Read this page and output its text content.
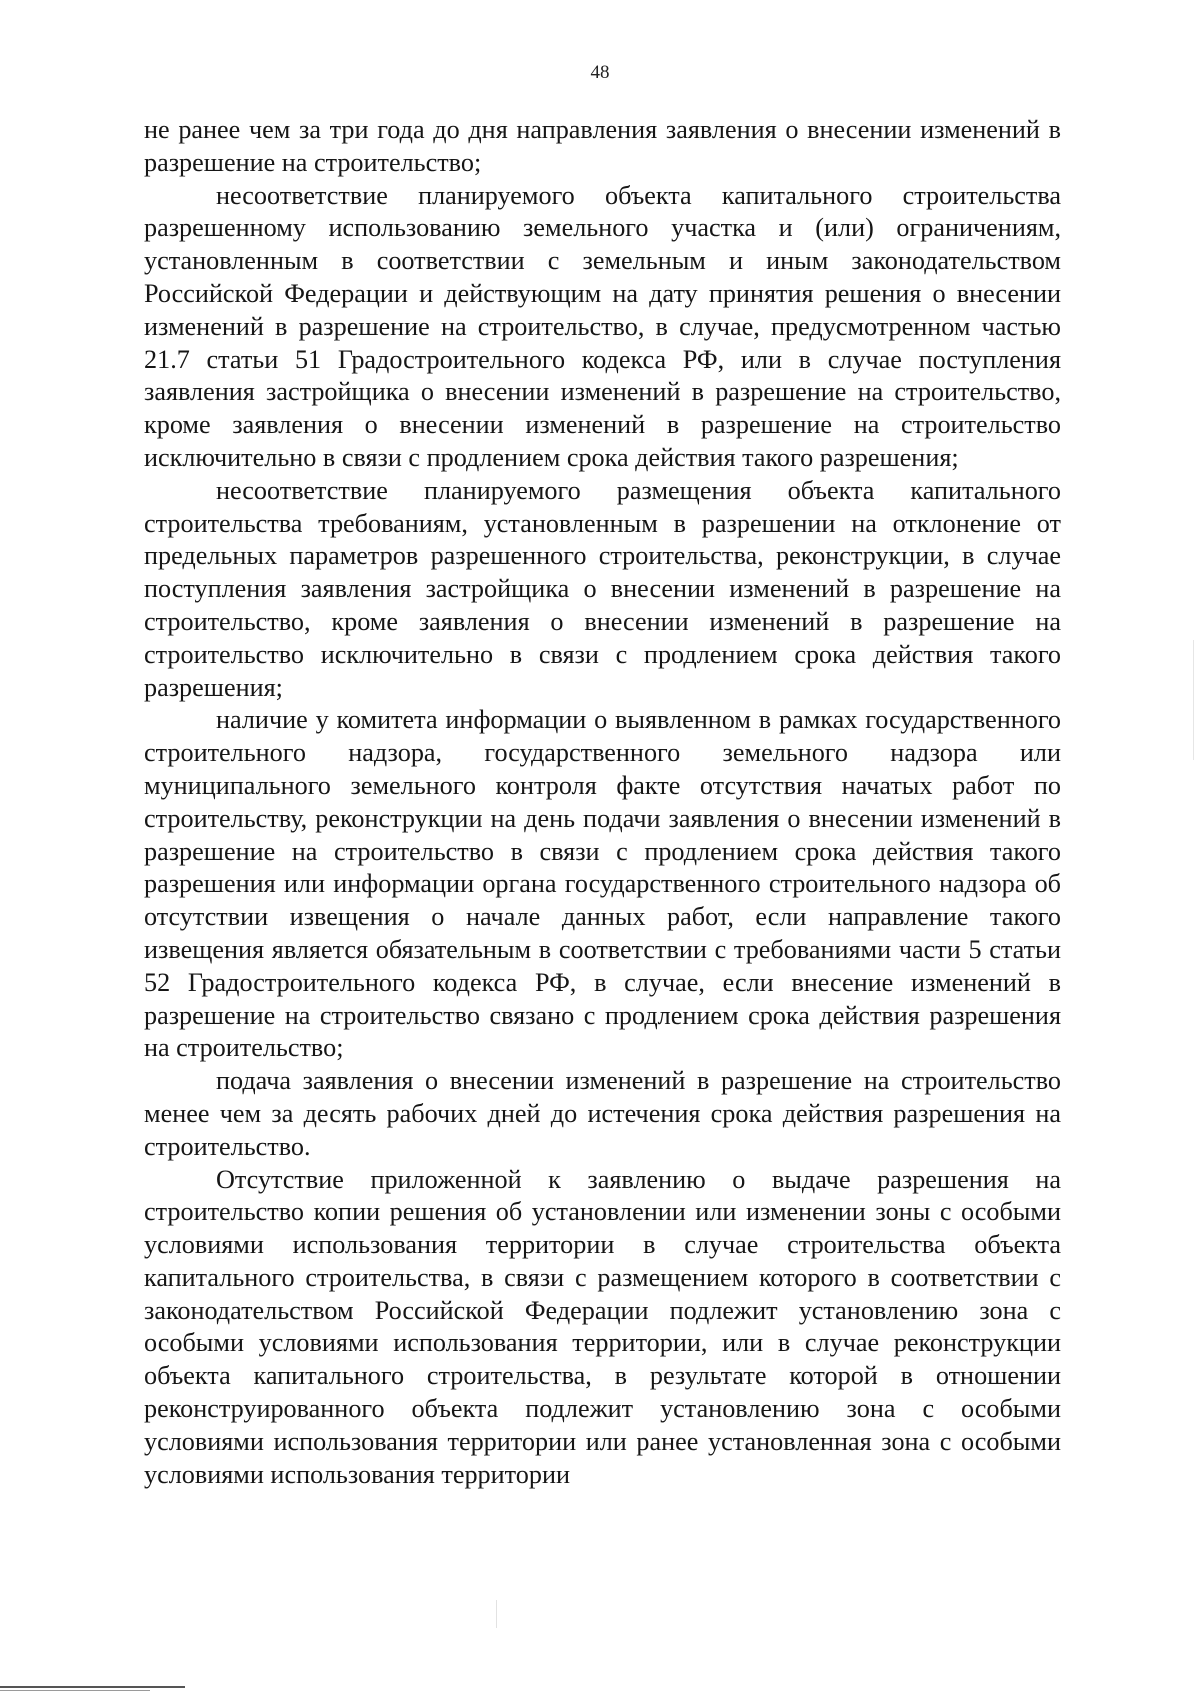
48

не ранее чем за три года до дня направления заявления о внесении изменений в разрешение на строительство;

несоответствие планируемого объекта капитального строительства разрешенному использованию земельного участка и (или) ограничениям, установленным в соответствии с земельным и иным законодательством Российской Федерации и действующим на дату принятия решения о внесении изменений в разрешение на строительство, в случае, предусмотренном частью 21.7 статьи 51 Градостроительного кодекса РФ, или в случае поступления заявления застройщика о внесении изменений в разрешение на строительство, кроме заявления о внесении изменений в разрешение на строительство исключительно в связи с продлением срока действия такого разрешения;

несоответствие планируемого размещения объекта капитального строительства требованиям, установленным в разрешении на отклонение от предельных параметров разрешенного строительства, реконструкции, в случае поступления заявления застройщика о внесении изменений в разрешение на строительство, кроме заявления о внесении изменений в разрешение на строительство исключительно в связи с продлением срока действия такого разрешения;

наличие у комитета информации о выявленном в рамках государственного строительного надзора, государственного земельного надзора или муниципального земельного контроля факте отсутствия начатых работ по строительству, реконструкции на день подачи заявления о внесении изменений в разрешение на строительство в связи с продлением срока действия такого разрешения или информации органа государственного строительного надзора об отсутствии извещения о начале данных работ, если направление такого извещения является обязательным в соответствии с требованиями части 5 статьи 52 Градостроительного кодекса РФ, в случае, если внесение изменений в разрешение на строительство связано с продлением срока действия разрешения на строительство;

подача заявления о внесении изменений в разрешение на строительство менее чем за десять рабочих дней до истечения срока действия разрешения на строительство.

Отсутствие приложенной к заявлению о выдаче разрешения на строительство копии решения об установлении или изменении зоны с особыми условиями использования территории в случае строительства объекта капитального строительства, в связи с размещением которого в соответствии с законодательством Российской Федерации подлежит установлению зона с особыми условиями использования территории, или в случае реконструкции объекта капитального строительства, в результате которой в отношении реконструированного объекта подлежит установлению зона с особыми условиями использования территории или ранее установленная зона с особыми условиями использования территории
